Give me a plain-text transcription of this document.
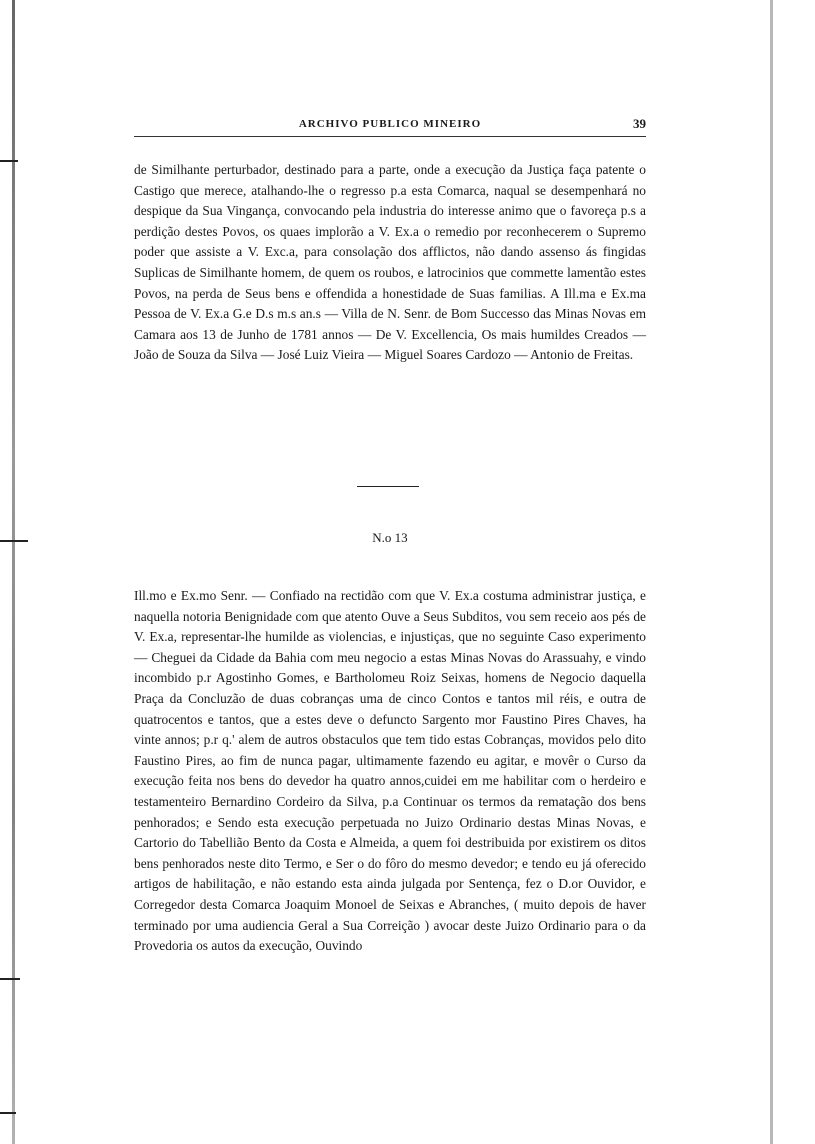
ARCHIVO PUBLICO MINEIRO	39

de Similhante perturbador, destinado para a parte, onde a execução da Justiça faça patente o Castigo que merece, atalhando-lhe o regresso p.a esta Comarca, naqual se desempenhará no despique da Sua Vingança, convocando pela industria do interesse animo que o favoreça p.s a perdição destes Povos, os quaes implorão a V. Ex.a o remedio por reconhecerem o Supremo poder que assiste a V. Exc.a, para consolação dos afflictos, não dando assenso ás fingidas Suplicas de Similhante homem, de quem os roubos, e latrocinios que commette lamentão estes Povos, na perda de Seus bens e offendida a honestidade de Suas familias. A Ill.ma e Ex.ma Pessoa de V. Ex.a G.e D.s m.s an.s — Villa de N. Senr. de Bom Successo das Minas Novas em Camara aos 13 de Junho de 1781 annos — De V. Excellencia, Os mais humildes Creados — João de Souza da Silva — José Luiz Vieira — Miguel Soares Cardozo — Antonio de Freitas.

N.o 13

Ill.mo e Ex.mo Senr. — Confiado na rectidão com que V. Ex.a costuma administrar justiça, e naquella notoria Benignidade com que atento Ouve a Seus Subditos, vou sem receio aos pés de V. Ex.a, representar-lhe humilde as violencias, e injustiças, que no seguinte Caso experimento — Cheguei da Cidade da Bahia com meu negocio a estas Minas Novas do Arassuahy, e vindo incombido p.r Agostinho Gomes, e Bartholomeu Roiz Seixas, homens de Negocio daquella Praça da Concluzão de duas cobranças uma de cinco Contos e tantos mil réis, e outra de quatrocentos e tantos, que a estes deve o defuncto Sargento mor Faustino Pires Chaves, ha vinte annos; p.r q.' alem de autros obstaculos que tem tido estas Cobranças, movidos pelo dito Faustino Pires, ao fim de nunca pagar, ultimamente fazendo eu agitar, e movêr o Curso da execução feita nos bens do devedor ha quatro annos,cuidei em me habilitar com o herdeiro e testamenteiro Bernardino Cordeiro da Silva, p.a Continuar os termos da rematação dos bens penhorados; e Sendo esta execução perpetuada no Juizo Ordinario destas Minas Novas, e Cartorio do Tabellião Bento da Costa e Almeida, a quem foi destribuida por existirem os ditos bens penhorados neste dito Termo, e Ser o do fôro do mesmo devedor; e tendo eu já oferecido artigos de habilitação, e não estando esta ainda julgada por Sentença, fez o D.or Ouvidor, e Corregedor desta Comarca Joaquim Monoel de Seixas e Abranches, ( muito depois de haver terminado por uma audiencia Geral a Sua Correição ) avocar deste Juizo Ordinario para o da Provedoria os autos da execução, Ouvindo
